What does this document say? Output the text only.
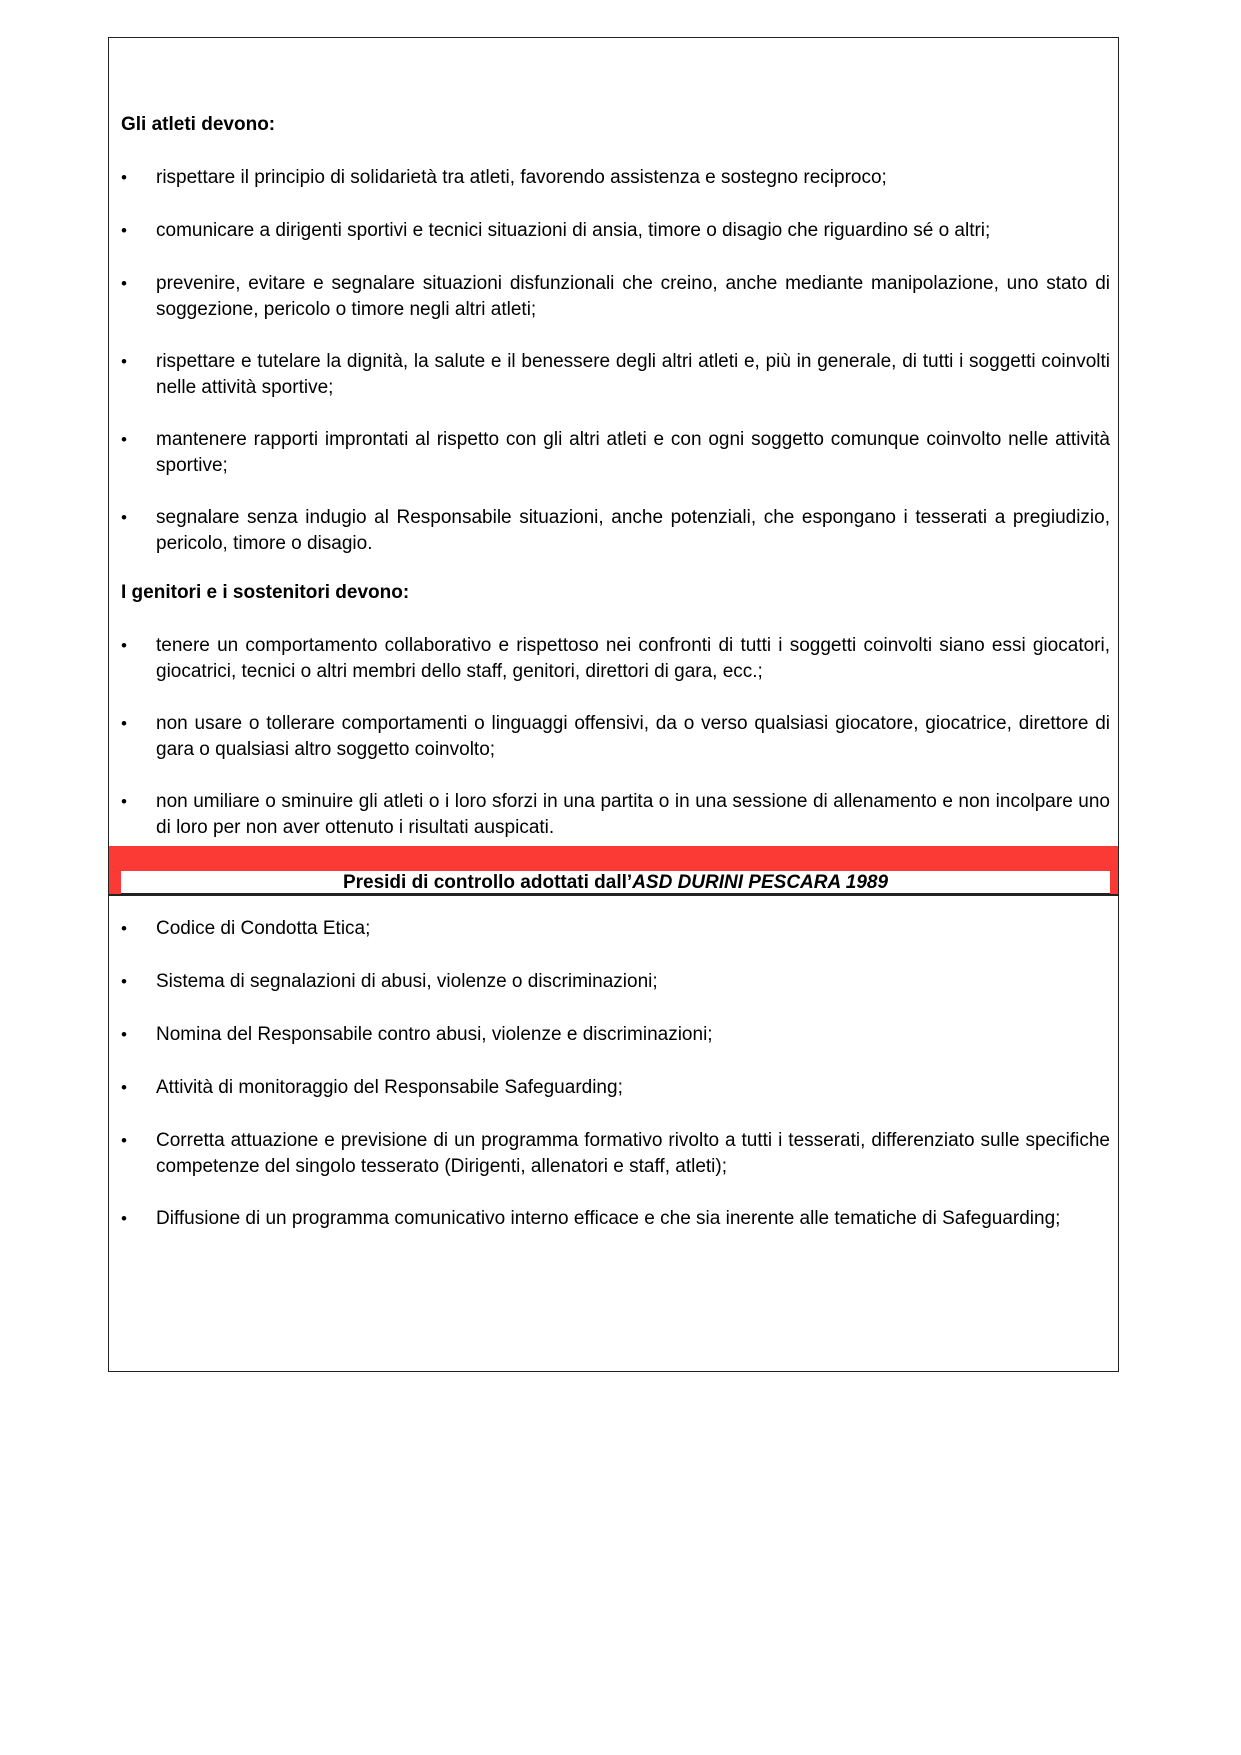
Gli atleti devono:
•	rispettare il principio di solidarietà tra atleti, favorendo assistenza e sostegno reciproco;
•	comunicare a dirigenti sportivi e tecnici situazioni di ansia, timore o disagio che riguardino sé o altri;
•	prevenire, evitare e segnalare situazioni disfunzionali che creino, anche mediante manipolazione, uno stato di soggezione, pericolo o timore negli altri atleti;
•	rispettare e tutelare la dignità, la salute e il benessere degli altri atleti e, più in generale, di tutti i soggetti coinvolti nelle attività sportive;
•	mantenere rapporti improntati al rispetto con gli altri atleti e con ogni soggetto comunque coinvolto nelle attività sportive;
•	segnalare senza indugio al Responsabile situazioni, anche potenziali, che espongano i tesserati a pregiudizio, pericolo, timore o disagio.
I genitori e i sostenitori devono:
•	tenere un comportamento collaborativo e rispettoso nei confronti di tutti i soggetti coinvolti siano essi giocatori, giocatrici, tecnici o altri membri dello staff, genitori, direttori di gara, ecc.;
•	non usare o tollerare comportamenti o linguaggi offensivi, da o verso qualsiasi giocatore, giocatrice, direttore di gara o qualsiasi altro soggetto coinvolto;
•	non umiliare o sminuire gli atleti o i loro sforzi in una partita o in una sessione di allenamento e non incolpare uno di loro per non aver ottenuto i risultati auspicati.
Presidi di controllo adottati dall’ASD DURINI PESCARA 1989
•	Codice di Condotta Etica;
•	Sistema di segnalazioni di abusi, violenze o discriminazioni;
•	Nomina del Responsabile contro abusi, violenze e discriminazioni;
•	Attività di monitoraggio del Responsabile Safeguarding;
•	Corretta attuazione e previsione di un programma formativo rivolto a tutti i tesserati, differenziato sulle specifiche competenze del singolo tesserato (Dirigenti, allenatori e staff, atleti);
•	Diffusione di un programma comunicativo interno efficace e che sia inerente alle tematiche di Safeguarding;
